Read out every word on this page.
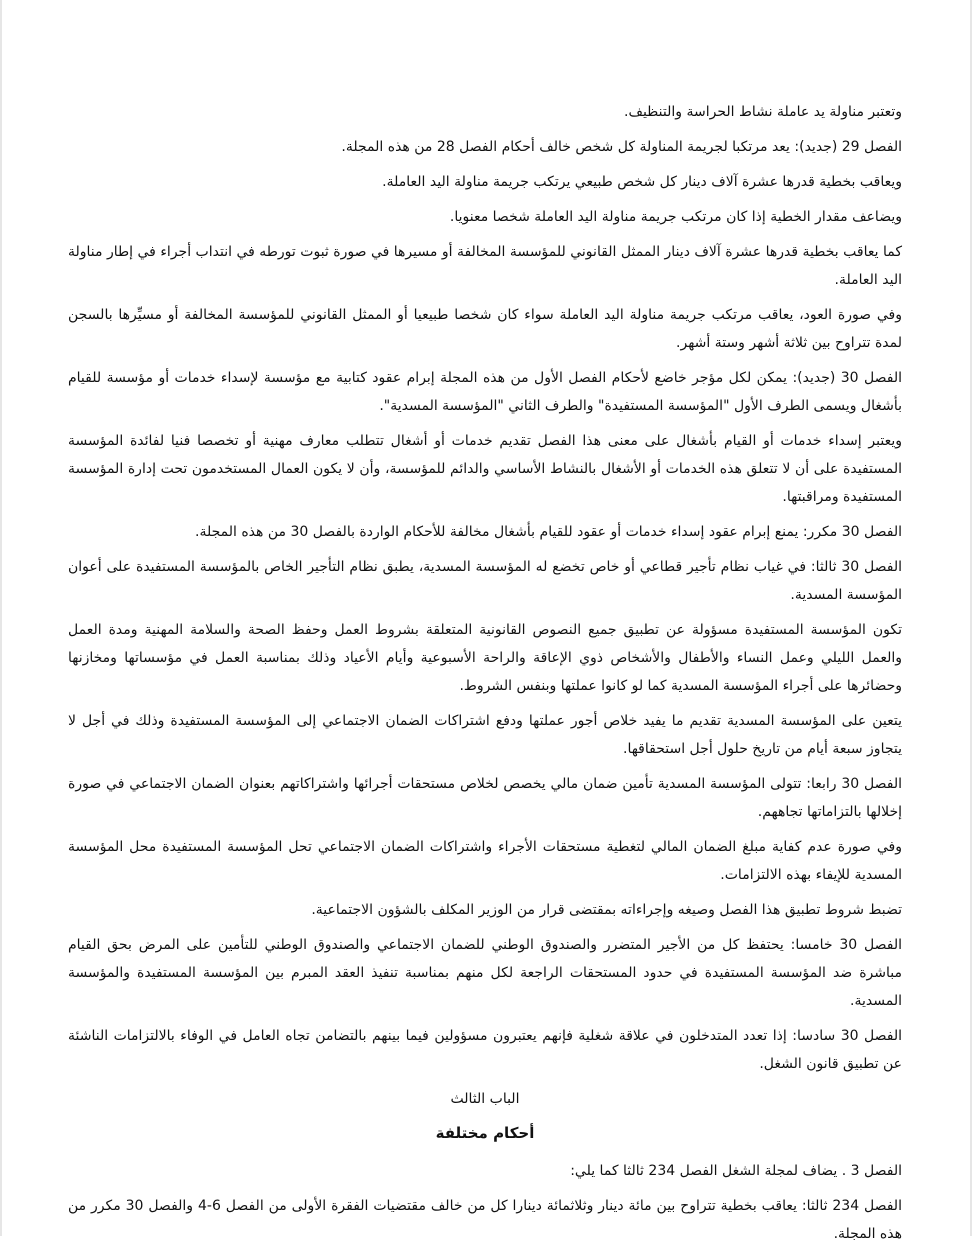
وتعتبر مناولة يد عاملة نشاط الحراسة والتنظيف.

الفصل 29 (جديد): يعد مرتكبا لجريمة المناولة كل شخص خالف أحكام الفصل 28 من هذه المجلة.

ويعاقب بخطية قدرها عشرة آلاف دينار كل شخص طبيعي يرتكب جريمة مناولة اليد العاملة.

ويضاعف مقدار الخطية إذا كان مرتكب جريمة مناولة اليد العاملة شخصا معنويا.

كما يعاقب بخطية قدرها عشرة آلاف دينار الممثل القانوني للمؤسسة المخالفة أو مسيرها في صورة ثبوت تورطه في انتداب أجراء في إطار مناولة اليد العاملة.

وفي صورة العود، يعاقب مرتكب جريمة مناولة اليد العاملة سواء كان شخصا طبيعيا أو الممثل القانوني للمؤسسة المخالفة أو مسيِّرها بالسجن لمدة تتراوح بين ثلاثة أشهر وستة أشهر.

الفصل 30 (جديد): يمكن لكل مؤجر خاضع لأحكام الفصل الأول من هذه المجلة إبرام عقود كتابية مع مؤسسة لإسداء خدمات أو مؤسسة للقيام بأشغال ويسمى الطرف الأول "المؤسسة المستفيدة" والطرف الثاني "المؤسسة المسدية".

ويعتبر إسداء خدمات أو القيام بأشغال على معنى هذا الفصل تقديم خدمات أو أشغال تتطلب معارف مهنية أو تخصصا فنيا لفائدة المؤسسة المستفيدة على أن لا تتعلق هذه الخدمات أو الأشغال بالنشاط الأساسي والدائم للمؤسسة، وأن لا يكون العمال المستخدمون تحت إدارة المؤسسة المستفيدة ومراقبتها.

الفصل 30 مكرر: يمنع إبرام عقود إسداء خدمات أو عقود للقيام بأشغال مخالفة للأحكام الواردة بالفصل 30 من هذه المجلة.

الفصل 30 ثالثا: في غياب نظام تأجير قطاعي أو خاص تخضع له المؤسسة المسدية، يطبق نظام التأجير الخاص بالمؤسسة المستفيدة على أعوان المؤسسة المسدية.

تكون المؤسسة المستفيدة مسؤولة عن تطبيق جميع النصوص القانونية المتعلقة بشروط العمل وحفظ الصحة والسلامة المهنية ومدة العمل والعمل الليلي وعمل النساء والأطفال والأشخاص ذوي الإعاقة والراحة الأسبوعية وأيام الأعياد وذلك بمناسبة العمل في مؤسساتها ومخازنها وحضائرها على أجراء المؤسسة المسدية كما لو كانوا عملتها وبنفس الشروط.

يتعين على المؤسسة المسدية تقديم ما يفيد خلاص أجور عملتها ودفع اشتراكات الضمان الاجتماعي إلى المؤسسة المستفيدة وذلك في أجل لا يتجاوز سبعة أيام من تاريخ حلول أجل استحقاقها.

الفصل 30 رابعا: تتولى المؤسسة المسدية تأمين ضمان مالي يخصص لخلاص مستحقات أجرائها واشتراكاتهم بعنوان الضمان الاجتماعي في صورة إخلالها بالتزاماتها تجاههم.

وفي صورة عدم كفاية مبلغ الضمان المالي لتغطية مستحقات الأجراء واشتراكات الضمان الاجتماعي تحل المؤسسة المستفيدة محل المؤسسة المسدية للإيفاء بهذه الالتزامات.

تضبط شروط تطبيق هذا الفصل وصيغه وإجراءاته بمقتضى قرار من الوزير المكلف بالشؤون الاجتماعية.

الفصل 30 خامسا: يحتفظ كل من الأجير المتضرر والصندوق الوطني للضمان الاجتماعي والصندوق الوطني للتأمين على المرض بحق القيام مباشرة ضد المؤسسة المستفيدة في حدود المستحقات الراجعة لكل منهم بمناسبة تنفيذ العقد المبرم بين المؤسسة المستفيدة والمؤسسة المسدية.

الفصل 30 سادسا: إذا تعدد المتدخلون في علاقة شغلية فإنهم يعتبرون مسؤولين فيما بينهم بالتضامن تجاه العامل في الوفاء بالالتزامات الناشئة عن تطبيق قانون الشغل.

الباب الثالث
أحكام مختلفة

الفصل 3 . يضاف لمجلة الشغل الفصل 234 ثالثا كما يلي:

الفصل 234 ثالثا: يعاقب بخطية تتراوح بين مائة دينار وثلاثمائة دينارا كل من خالف مقتضيات الفقرة الأولى من الفصل 6-4 والفصل 30 مكرر من هذه المجلة.
